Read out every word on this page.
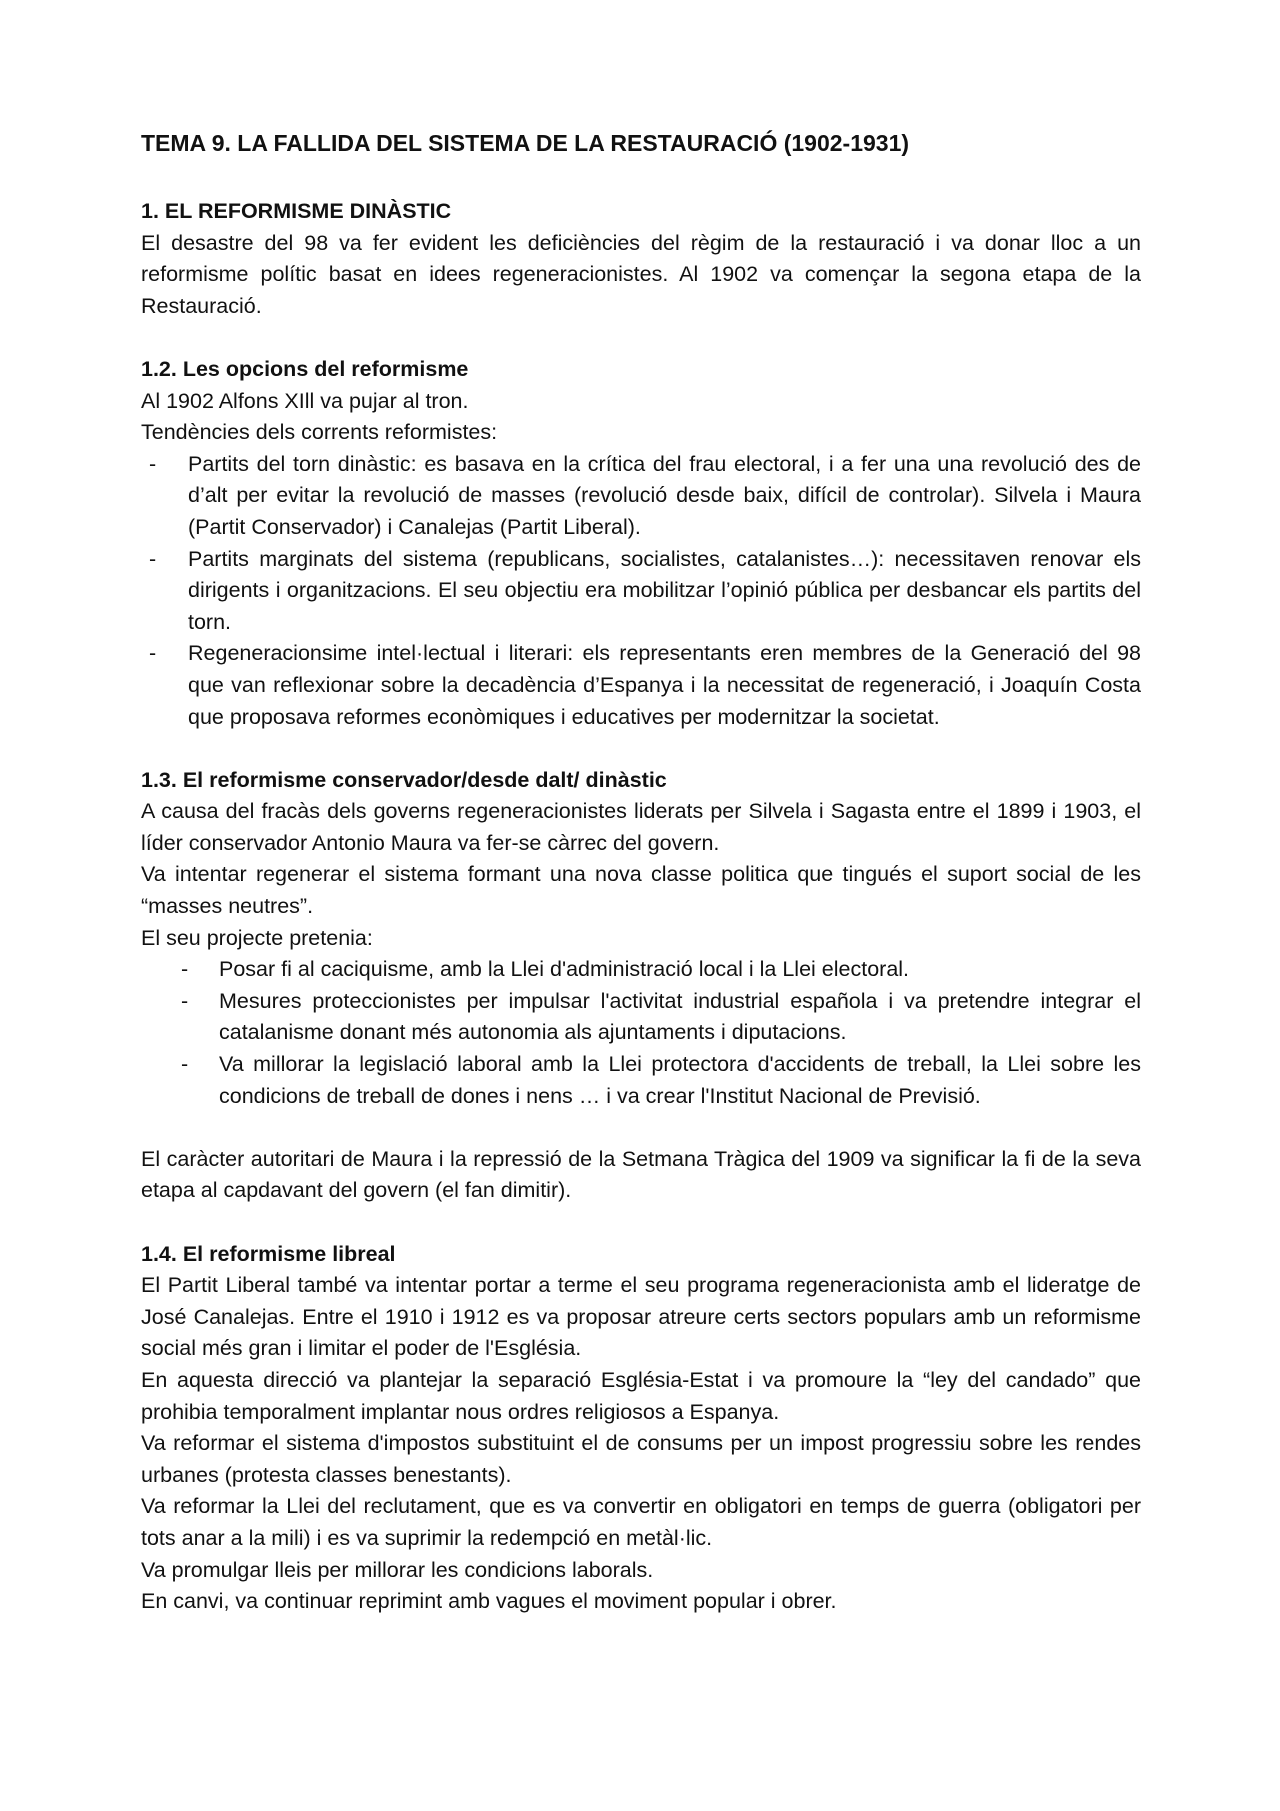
TEMA 9. LA FALLIDA DEL SISTEMA DE LA RESTAURACIÓ (1902-1931)
1. EL REFORMISME DINÀSTIC

El desastre del 98 va fer evident les deficiències del règim de la restauració i va donar lloc a un reformisme polític basat en idees regeneracionistes. Al 1902 va començar la segona etapa de la Restauració.

1.2. Les opcions del reformisme

Al 1902 Alfons XIll va pujar al tron.

Tendències dels corrents reformistes:

- Partits del torn dinàstic: es basava en la crítica del frau electoral, i a fer una una revolució des de d’alt per evitar la revolució de masses (revolució desde baix, difícil de controlar). Silvela i Maura (Partit Conservador) i Canalejas (Partit Liberal).
- Partits marginats del sistema (republicans, socialistes, catalanistes…): necessitaven renovar els dirigents i organitzacions. El seu objectiu era mobilitzar l’opinió pública per desbancar els partits del torn.
- Regeneracionsime intel·lectual i literari: els representants eren membres de la Generació del 98 que van reflexionar sobre la decadència d’Espanya i la necessitat de regeneració, i Joaquín Costa que proposava reformes econòmiques i educatives per modernitzar la societat.
1.3. El reformisme conservador/desde dalt/ dinàstic

A causa del fracàs dels governs regeneracionistes liderats per Silvela i Sagasta entre el 1899 i 1903, el líder conservador Antonio Maura va fer-se càrrec del govern.

Va intentar regenerar el sistema formant una nova classe politica que tingués el suport social de les “masses neutres”.

El seu projecte pretenia:

- Posar fi al caciquisme, amb la Llei d'administració local i la Llei electoral.
- Mesures proteccionistes per impulsar l'activitat industrial española i va pretendre integrar el catalanisme donant més autonomia als ajuntaments i diputacions.
- Va millorar la legislació laboral amb la Llei protectora d'accidents de treball, la Llei sobre les condicions de treball de dones i nens … i va crear l'Institut Nacional de Previsió.

El caràcter autoritari de Maura i la repressió de la Setmana Tràgica del 1909 va significar la fi de la seva etapa al capdavant del govern (el fan dimitir).

1.4. El reformisme libreal

El Partit Liberal també va intentar portar a terme el seu programa regeneracionista amb el lideratge de José Canalejas. Entre el 1910 i 1912 es va proposar atreure certs sectors populars amb un reformisme social més gran i limitar el poder de l'Església.

En aquesta direcció va plantejar la separació Església-Estat i va promoure la “ley del candado” que prohibia temporalment implantar nous ordres religiosos a Espanya.

Va reformar el sistema d'impostos substituint el de consums per un impost progressiu sobre les rendes urbanes (protesta classes benestants).

Va reformar la Llei del reclutament, que es va convertir en obligatori en temps de guerra (obligatori per tots anar a la mili) i es va suprimir la redempció en metàl·lic.

Va promulgar lleis per millorar les condicions laborals.

En canvi, va continuar reprimint amb vagues el moviment popular i obrer.
